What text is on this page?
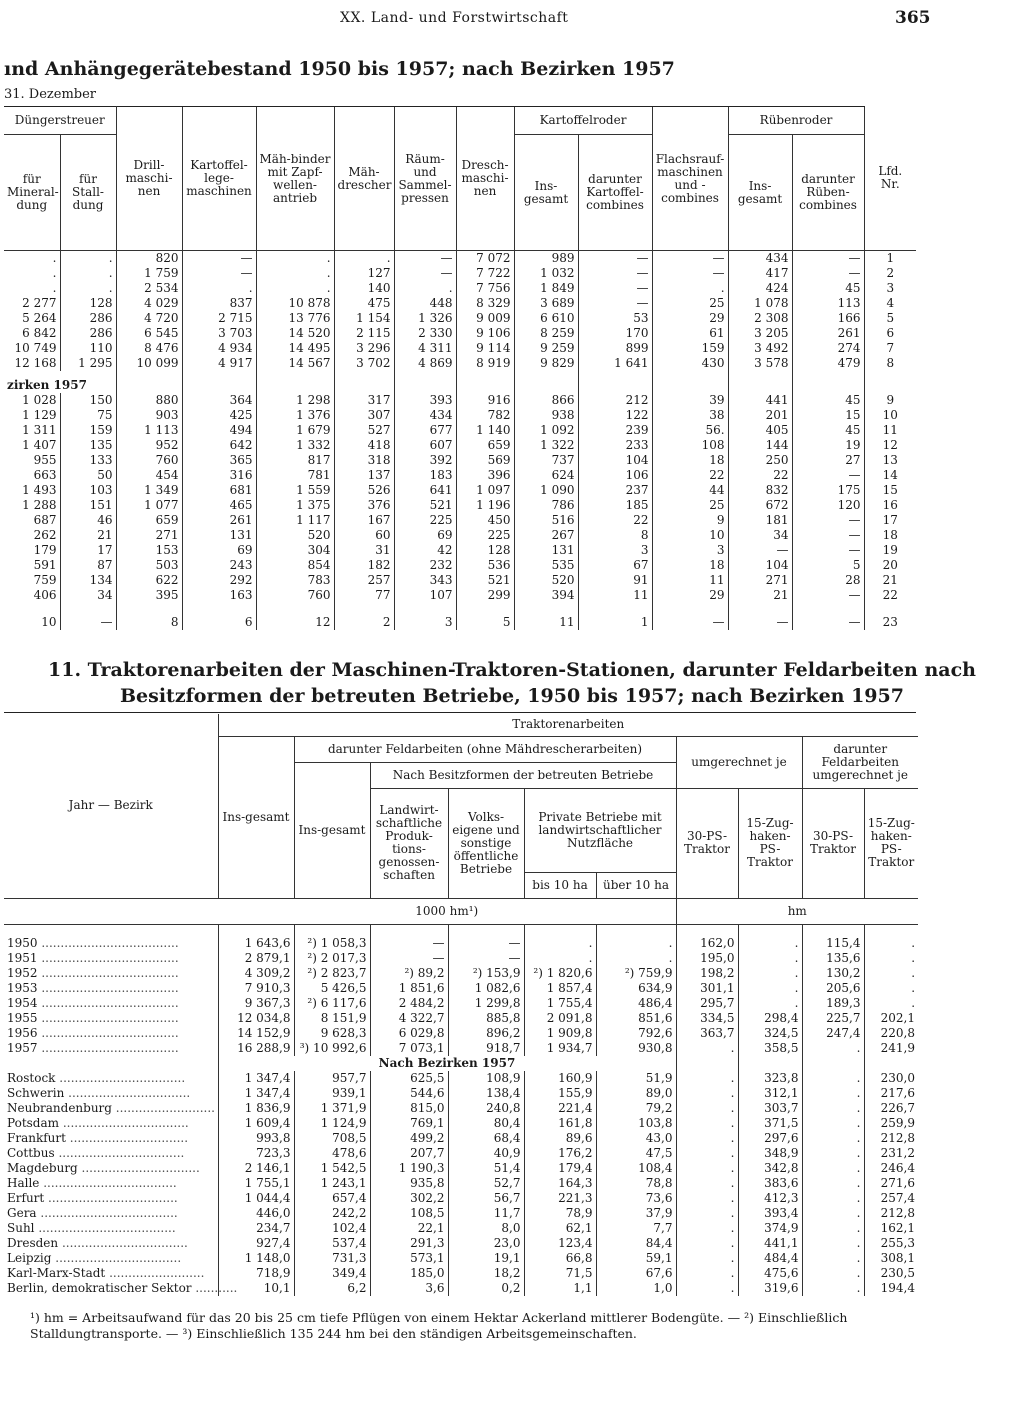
XX. Land- und Forstwirtschaft	365
ınd Anhängegerätebestand 1950 bis 1957; nach Bezirken 1957
31. Dezember
Düngerstreuer		Drill-maschi-nen	Kartoffel-lege-maschinen	Mäh-binder mit Zapf-wellen-antrieb	Mäh-drescher	Räum-und Sammel-pressen	Dresch-maschi-nen	Kartoffelroder		Flachsrauf-maschinen und -combines	Rübenroder		Lfd. Nr.
für Mineral-dung	für Stall-dung							Ins-gesamt	darunter Kartoffel-combines		Ins-gesamt	darunter Rüben-combines	
.	.	820	—	.	.	—	7 072	989	—	—	434	—	1
.	.	1 759	—	.	127	—	7 722	1 032	—	—	417	—	2
.	.	2 534	.	.	140	.	7 756	1 849	—	.	424	45	3
2 277	128	4 029	837	10 878	475	448	8 329	3 689	—	25	1 078	113	4
5 264	286	4 720	2 715	13 776	1 154	1 326	9 009	6 610	53	29	2 308	166	5
6 842	286	6 545	3 703	14 520	2 115	2 330	9 106	8 259	170	61	3 205	261	6
10 749	110	8 476	4 934	14 495	3 296	4 311	9 114	9 259	899	159	3 492	274	7
12 168	1 295	10 099	4 917	14 567	3 702	4 869	8 919	9 829	1 641	430	3 578	479	8
zirken 1957													
1 028	150	880	364	1 298	317	393	916	866	212	39	441	45	9
1 129	75	903	425	1 376	307	434	782	938	122	38	201	15	10
1 311	159	1 113	494	1 679	527	677	1 140	1 092	239	56.	405	45	11
1 407	135	952	642	1 332	418	607	659	1 322	233	108	144	19	12
955	133	760	365	817	318	392	569	737	104	18	250	27	13
663	50	454	316	781	137	183	396	624	106	22	22	—	14
1 493	103	1 349	681	1 559	526	641	1 097	1 090	237	44	832	175	15
1 288	151	1 077	465	1 375	376	521	1 196	786	185	25	672	120	16
687	46	659	261	1 117	167	225	450	516	22	9	181	—	17
262	21	271	131	520	60	69	225	267	8	10	34	—	18
179	17	153	69	304	31	42	128	131	3	3	—	—	19
591	87	503	243	854	182	232	536	535	67	18	104	5	20
759	134	622	292	783	257	343	521	520	91	11	271	28	21
406	34	395	163	760	77	107	299	394	11	29	21	—	22

10	—	8	6	12	2	3	5	11	1	—	—	—	23
11. Traktorenarbeiten der Maschinen-Traktoren-Stationen, darunter Feldarbeiten nach
Besitzformen der betreuten Betriebe, 1950 bis 1957; nach Bezirken 1957
Jahr — Bezirk	Traktorenarbeiten									
	Ins-gesamt	darunter Feldarbeiten (ohne Mähdrescherarbeiten)					umgerechnet je		darunter Feldarbeiten umgerechnet je	
		Ins-gesamt	Nach Besitzformen der betreuten Betriebe							
			Landwirt-schaftliche Produk-tions-genossen-schaften	Volks-eigene und sonstige öffentliche Betriebe	Private Betriebe mit landwirtschaftlicher Nutzfläche		30-PS-Traktor	15-Zug-haken-PS-Traktor	30-PS-Traktor	15-Zug-haken-PS-Traktor
					bis 10 ha	über 10 ha				
	1000 hm¹)						hm			

1950 ....................................	1 643,6	²) 1 058,3	—	—	.	.	162,0	.	115,4	.
1951 ....................................	2 879,1	²) 2 017,3	—	—	.	.	195,0	.	135,6	.
1952 ....................................	4 309,2	²) 2 823,7	²) 89,2	²) 153,9	²) 1 820,6	²) 759,9	198,2	.	130,2	.
1953 ....................................	7 910,3	5 426,5	1 851,6	1 082,6	1 857,4	634,9	301,1	.	205,6	.
1954 ....................................	9 367,3	²) 6 117,6	2 484,2	1 299,8	1 755,4	486,4	295,7	.	189,3	.
1955 ....................................	12 034,8	8 151,9	4 322,7	885,8	2 091,8	851,6	334,5	298,4	225,7	202,1
1956 ....................................	14 152,9	9 628,3	6 029,8	896,2	1 909,8	792,6	363,7	324,5	247,4	220,8
1957 ....................................	16 288,9	³) 10 992,6	7 073,1	918,7	1 934,7	930,8	.	358,5	.	241,9
	Nach Bezirken 1957									
Rostock .................................	1 347,4	957,7	625,5	108,9	160,9	51,9	.	323,8	.	230,0
Schwerin ................................	1 347,4	939,1	544,6	138,4	155,9	89,0	.	312,1	.	217,6
Neubrandenburg ..........................	1 836,9	1 371,9	815,0	240,8	221,4	79,2	.	303,7	.	226,7
Potsdam .................................	1 609,4	1 124,9	769,1	80,4	161,8	103,8	.	371,5	.	259,9
Frankfurt ...............................	993,8	708,5	499,2	68,4	89,6	43,0	.	297,6	.	212,8
Cottbus .................................	723,3	478,6	207,7	40,9	176,2	47,5	.	348,9	.	231,2
Magdeburg ...............................	2 146,1	1 542,5	1 190,3	51,4	179,4	108,4	.	342,8	.	246,4
Halle ...................................	1 755,1	1 243,1	935,8	52,7	164,3	78,8	.	383,6	.	271,6
Erfurt ..................................	1 044,4	657,4	302,2	56,7	221,3	73,6	.	412,3	.	257,4
Gera ....................................	446,0	242,2	108,5	11,7	78,9	37,9	.	393,4	.	212,8
Suhl ....................................	234,7	102,4	22,1	8,0	62,1	7,7	.	374,9	.	162,1
Dresden .................................	927,4	537,4	291,3	23,0	123,4	84,4	.	441,1	.	255,3
Leipzig .................................	1 148,0	731,3	573,1	19,1	66,8	59,1	.	484,4	.	308,1
Karl-Marx-Stadt .........................	718,9	349,4	185,0	18,2	71,5	67,6	.	475,6	.	230,5
Berlin, demokratischer Sektor ...........	10,1	6,2	3,6	0,2	1,1	1,0	.	319,6	.	194,4
¹) hm = Arbeitsaufwand für das 20 bis 25 cm tiefe Pflügen von einem Hektar Ackerland mittlerer Bodengüte. — ²) Einschließlich
Stalldungtransporte. — ³) Einschließlich 135 244 hm bei den ständigen Arbeitsgemeinschaften.
